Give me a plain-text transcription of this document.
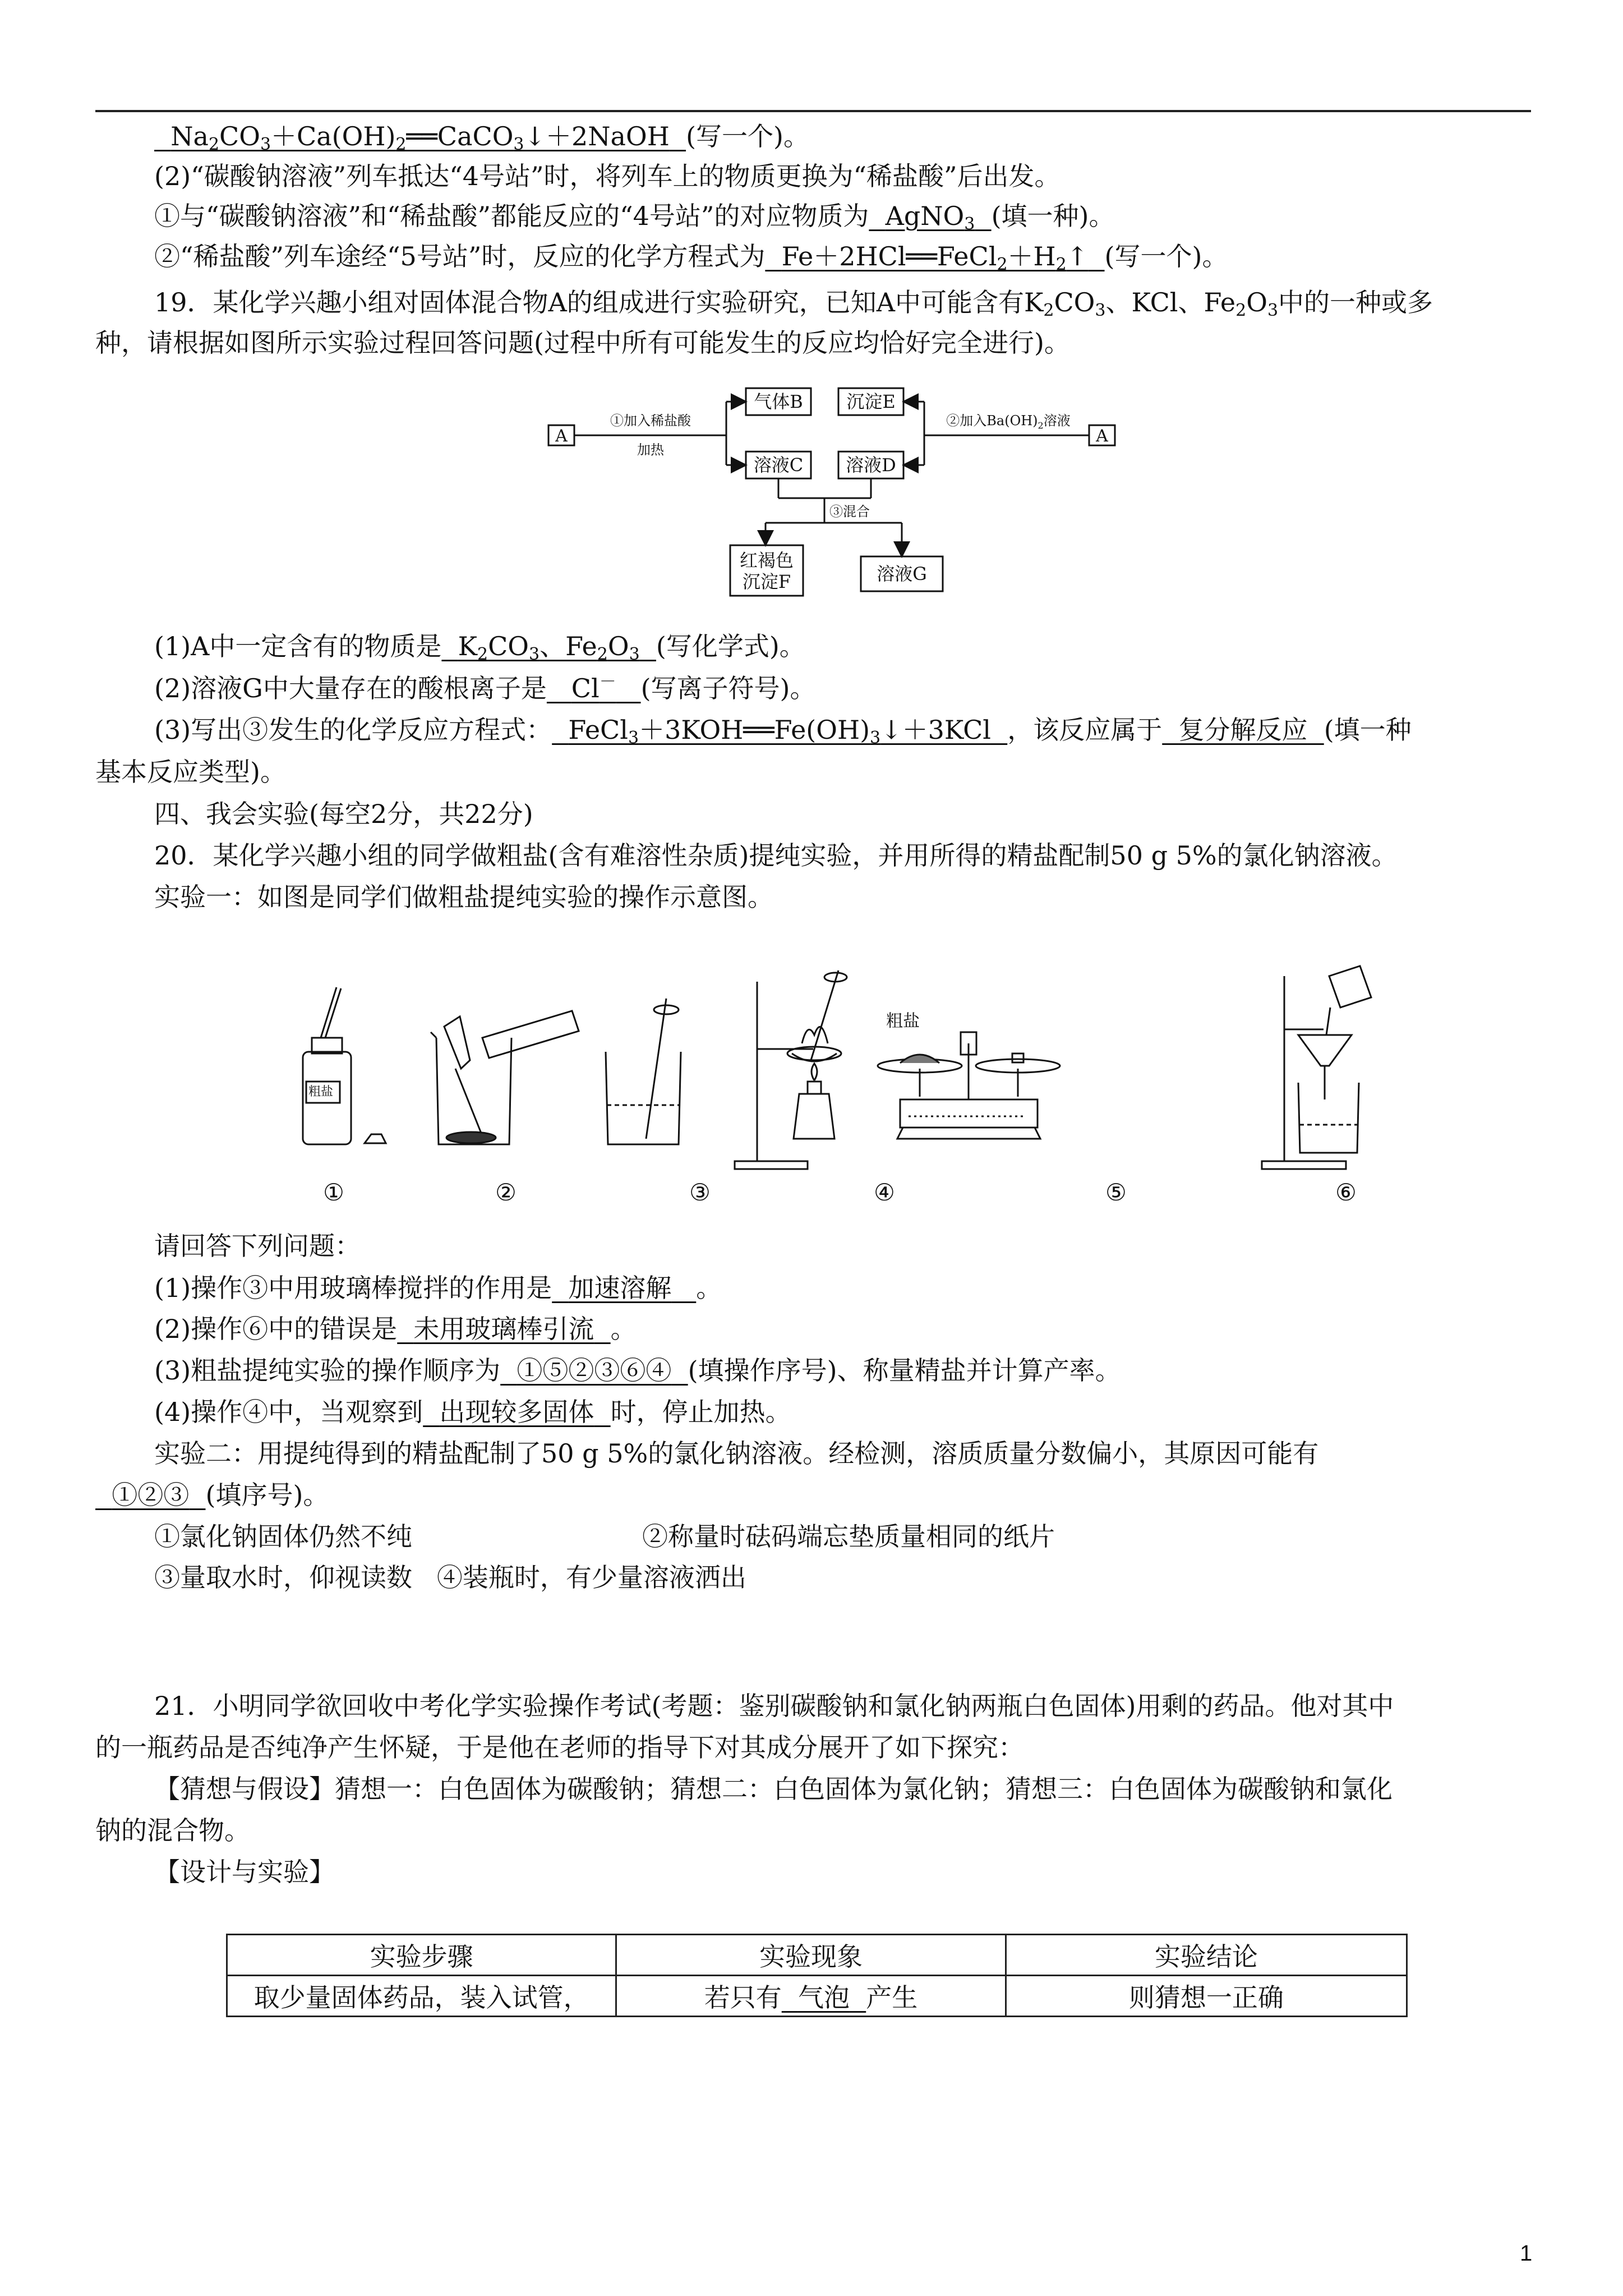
$Na_2CO_3+Ca(OH)_2══CaCO_3↓+2NaOH$ (写一个)。
(2)“碳酸钠溶液”列车抵达“4号站”时，将列车上的物质更换为“稀盐酸”后出发。
①与“碳酸钠溶液”和“稀盐酸”都能反应的“4号站”的对应物质为 AgNO$_3$ (填一种)。
②“稀盐酸”列车途经“5号站”时，反应的化学方程式为 $Fe+2HCl══FeCl_2+H_2↑$ (写一个)。
19．某化学兴趣小组对固体混合物A的组成进行实验研究，已知A中可能含有$K_2CO_3$、KCl、$Fe_2O_3$中的一种或多
种，请根据如图所示实验过程回答问题(过程中所有可能发生的反应均恰好完全进行)。
A	A
①加入稀盐酸
加热
②加入$Ba(OH)_2$溶液
气体B 沉淀E
溶液C 溶液D
③混合
红褐色
沉淀F	溶液G
(1)A中一定含有的物质是 $K_2CO_3$、$Fe_2O_3$ (写化学式)。
(2)溶液G中大量存在的酸根离子是 Cl－ (写离子符号)。
(3)写出③发生的化学反应方程式： $FeCl_3+3KOH══Fe(OH)_3↓+3KCl$ ，该反应属于 复分解反应 (填一种
基本反应类型)。
四、我会实验(每空2分，共22分)
20．某化学兴趣小组的同学做粗盐(含有难溶性杂质)提纯实验，并用所得的精盐配制50 g 5%的氯化钠溶液。
实验一：如图是同学们做粗盐提纯实验的操作示意图。
粗盐
粗盐
①	②	③	④	⑤	⑥
请回答下列问题：
(1)操作③中用玻璃棒搅拌的作用是 加速溶解 。
(2)操作⑥中的错误是 未用玻璃棒引流 。
(3)粗盐提纯实验的操作顺序为 ①⑤②③⑥④ (填操作序号)、称量精盐并计算产率。
(4)操作④中，当观察到 出现较多固体 时，停止加热。
实验二：用提纯得到的精盐配制了50 g 5%的氯化钠溶液。经检测，溶质质量分数偏小，其原因可能有
①②③ (填序号)。
①氯化钠固体仍然不纯	②称量时砝码端忘垫质量相同的纸片
③量取水时，仰视读数 ④装瓶时，有少量溶液洒出
21．小明同学欲回收中考化学实验操作考试(考题：鉴别碳酸钠和氯化钠两瓶白色固体)用剩的药品。他对其中
的一瓶药品是否纯净产生怀疑，于是他在老师的指导下对其成分展开了如下探究：
【猜想与假设】猜想一：白色固体为碳酸钠；猜想二：白色固体为氯化钠；猜想三：白色固体为碳酸钠和氯化
钠的混合物。
【设计与实验】
实验步骤	实验现象	实验结论
取少量固体药品，装入试管，	若只有 气泡 产生	则猜想一正确
1
